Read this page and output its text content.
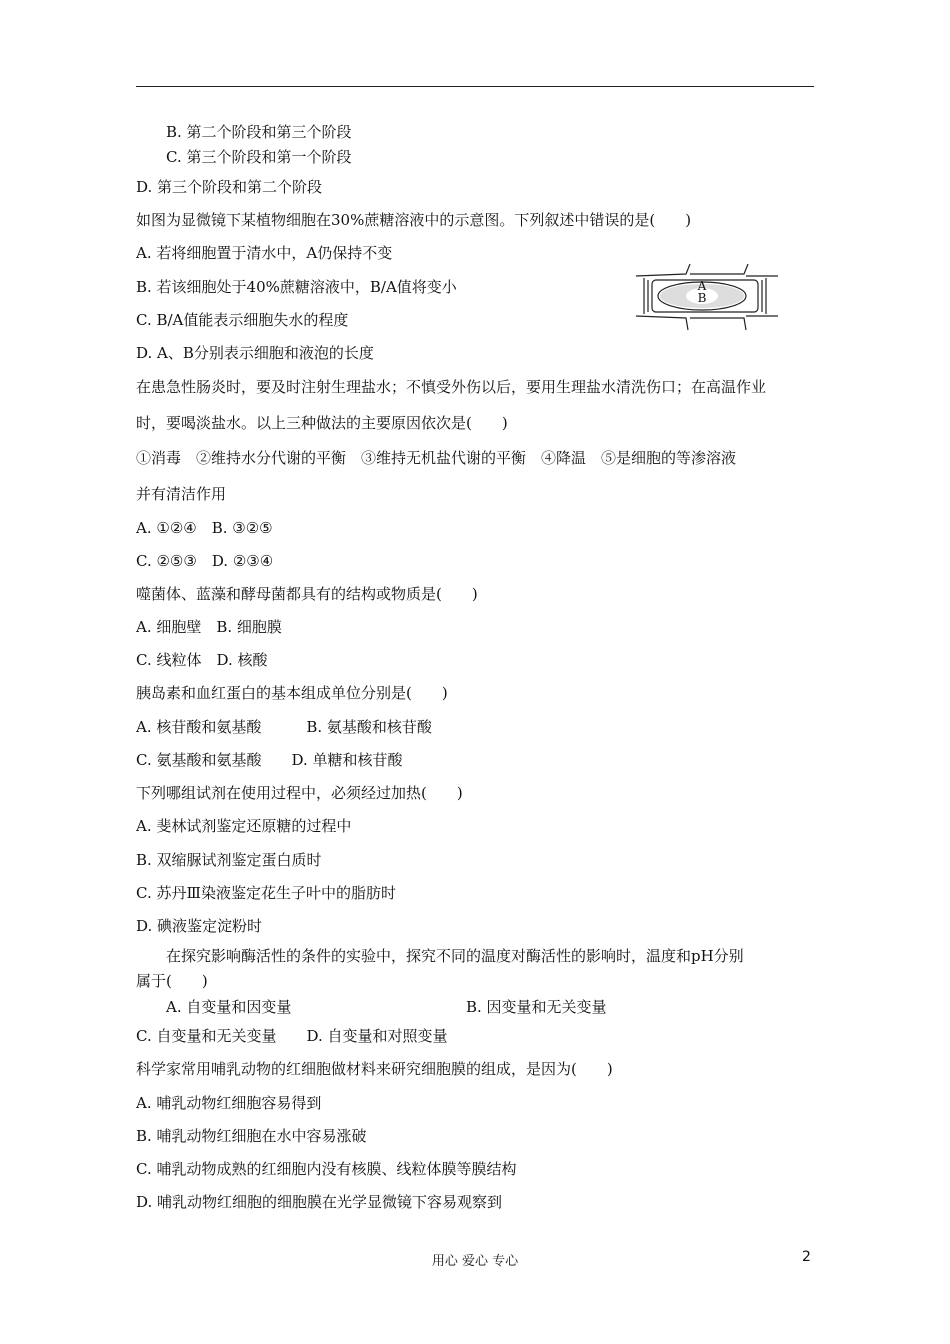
B. 第二个阶段和第三个阶段
C. 第三个阶段和第一个阶段
D. 第三个阶段和第二个阶段
如图为显微镜下某植物细胞在30%蔗糖溶液中的示意图。下列叙述中错误的是(　　)
A. 若将细胞置于清水中，A仍保持不变
B. 若该细胞处于40%蔗糖溶液中，B/A值将变小
C. B/A值能表示细胞失水的程度
D. A、B分别表示细胞和液泡的长度
A
B
在患急性肠炎时，要及时注射生理盐水；不慎受外伤以后，要用生理盐水清洗伤口；在高温作业
时，要喝淡盐水。以上三种做法的主要原因依次是(　　)
①消毒　②维持水分代谢的平衡　③维持无机盐代谢的平衡　④降温　⑤是细胞的等渗溶液
并有清洁作用
A. ①②④　B. ③②⑤
C. ②⑤③　D. ②③④
噬菌体、蓝藻和酵母菌都具有的结构或物质是(　　)
A. 细胞壁　B. 细胞膜
C. 线粒体　D. 核酸
胰岛素和血红蛋白的基本组成单位分别是(　　)
A. 核苷酸和氨基酸　　　B. 氨基酸和核苷酸
C. 氨基酸和氨基酸　　D. 单糖和核苷酸
下列哪组试剂在使用过程中，必须经过加热(　　)
A. 斐林试剂鉴定还原糖的过程中
B. 双缩脲试剂鉴定蛋白质时
C. 苏丹Ⅲ染液鉴定花生子叶中的脂肪时
D. 碘液鉴定淀粉时
在探究影响酶活性的条件的实验中，探究不同的温度对酶活性的影响时，温度和pH分别
属于(　　)
A. 自变量和因变量	B. 因变量和无关变量
C. 自变量和无关变量　　D. 自变量和对照变量
科学家常用哺乳动物的红细胞做材料来研究细胞膜的组成，是因为(　　)
A. 哺乳动物红细胞容易得到
B. 哺乳动物红细胞在水中容易涨破
C. 哺乳动物成熟的红细胞内没有核膜、线粒体膜等膜结构
D. 哺乳动物红细胞的细胞膜在光学显微镜下容易观察到
用心 爱心 专心	2
